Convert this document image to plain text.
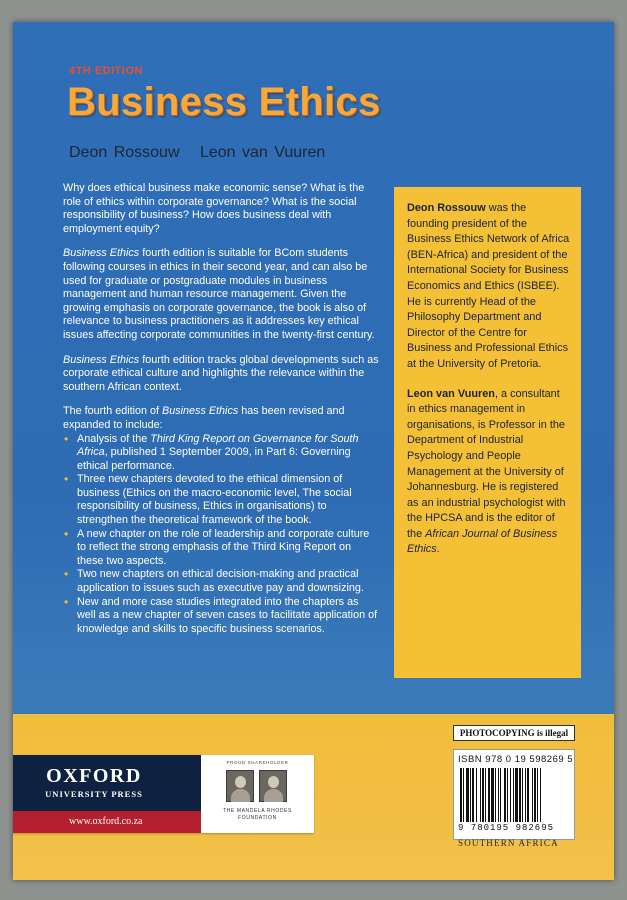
4TH EDITION
Business Ethics
Deon Rossouw Leon van Vuuren

Why does ethical business make economic sense? What is the role of ethics within corporate governance? What is the social responsibility of business? How does business deal with employment equity?

Business Ethics fourth edition is suitable for BCom students following courses in ethics in their second year, and can also be used for graduate or postgraduate modules in business management and human resource management. Given the growing emphasis on corporate governance, the book is also of relevance to business practitioners as it addresses key ethical issues affecting corporate communities in the twenty-first century.

Business Ethics fourth edition tracks global developments such as corporate ethical culture and highlights the relevance within the southern African context.

The fourth edition of Business Ethics has been revised and expanded to include:

• Analysis of the Third King Report on Governance for South Africa, published 1 September 2009, in Part 6: Governing ethical performance.
• Three new chapters devoted to the ethical dimension of business (Ethics on the macro-economic level, The social responsibility of business, Ethics in organisations) to strengthen the theoretical framework of the book.
• A new chapter on the role of leadership and corporate culture to reflect the strong emphasis of the Third King Report on these two aspects.
• Two new chapters on ethical decision-making and practical application to issues such as executive pay and downsizing.
• New and more case studies integrated into the chapters as well as a new chapter of seven cases to facilitate application of knowledge and skills to specific business scenarios.

Deon Rossouw was the founding president of the Business Ethics Network of Africa (BEN-Africa) and president of the International Society for Business Economics and Ethics (ISBEE). He is currently Head of the Philosophy Department and Director of the Centre for Business and Professional Ethics at the University of Pretoria.

Leon van Vuuren, a consultant in ethics management in organisations, is Professor in the Department of Industrial Psychology and People Management at the University of Johannesburg. He is registered as an industrial psychologist with the HPCSA and is the editor of the African Journal of Business Ethics.

PHOTOCOPYING is illegal
ISBN 978 0 19 598269 5
9 780195 982695
SOUTHERN AFRICA
OXFORD
UNIVERSITY PRESS
www.oxford.co.za
PROUD SHAREHOLDER
THE MANDELA RHODES
FOUNDATION
